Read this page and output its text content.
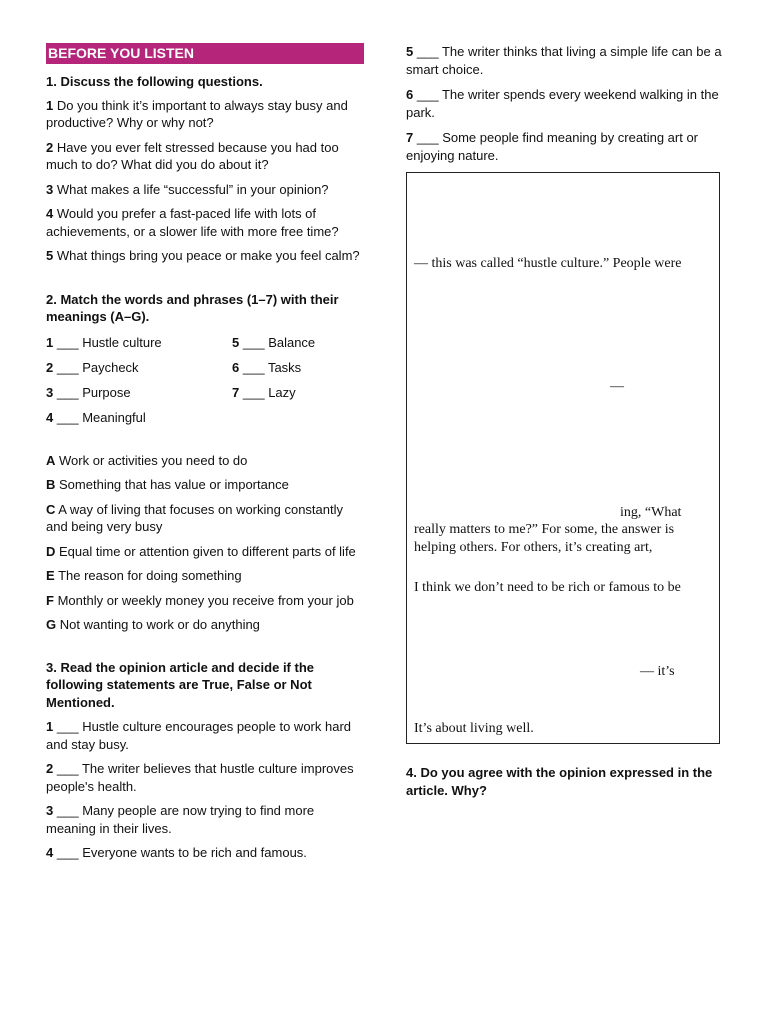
BEFORE YOU LISTEN
1. Discuss the following questions.

1 Do you think it’s important to always stay busy and productive? Why or why not?

2 Have you ever felt stressed because you had too much to do? What did you do about it?

3 What makes a life “successful” in your opinion?

4 Would you prefer a fast-paced life with lots of achievements, or a slower life with more free time?

5 What things bring you peace or make you feel calm?

2. Match the words and phrases (1–7) with their meanings (A–G).
1 ___ Hustle culture
2 ___ Paycheck
3 ___ Purpose
4 ___ Meaningful
5 ___ Balance
6 ___ Tasks
7 ___ Lazy

A Work or activities you need to do

B Something that has value or importance

C A way of living that focuses on working constantly and being very busy

D Equal time or attention given to different parts of life

E The reason for doing something

F Monthly or weekly money you receive from your job

G Not wanting to work or do anything

3. Read the opinion article and decide if the following statements are True, False or Not Mentioned.

1 ___ Hustle culture encourages people to work hard and stay busy.

2 ___ The writer believes that hustle culture improves people's health.

3 ___ Many people are now trying to find more meaning in their lives.

4 ___ Everyone wants to be rich and famous.

5 ___ The writer thinks that living a simple life can be a smart choice.

6 ___ The writer spends every weekend walking in the park.

7 ___ Some people find meaning by creating art or enjoying nature.

— this was called “hustle culture.” People were
—
ing, “What
really matters to me?” For some, the answer is
helping others. For others, it’s creating art,
I think we don’t need to be rich or famous to be
— it’s
It’s about living well.
4. Do you agree with the opinion expressed in the article. Why?
